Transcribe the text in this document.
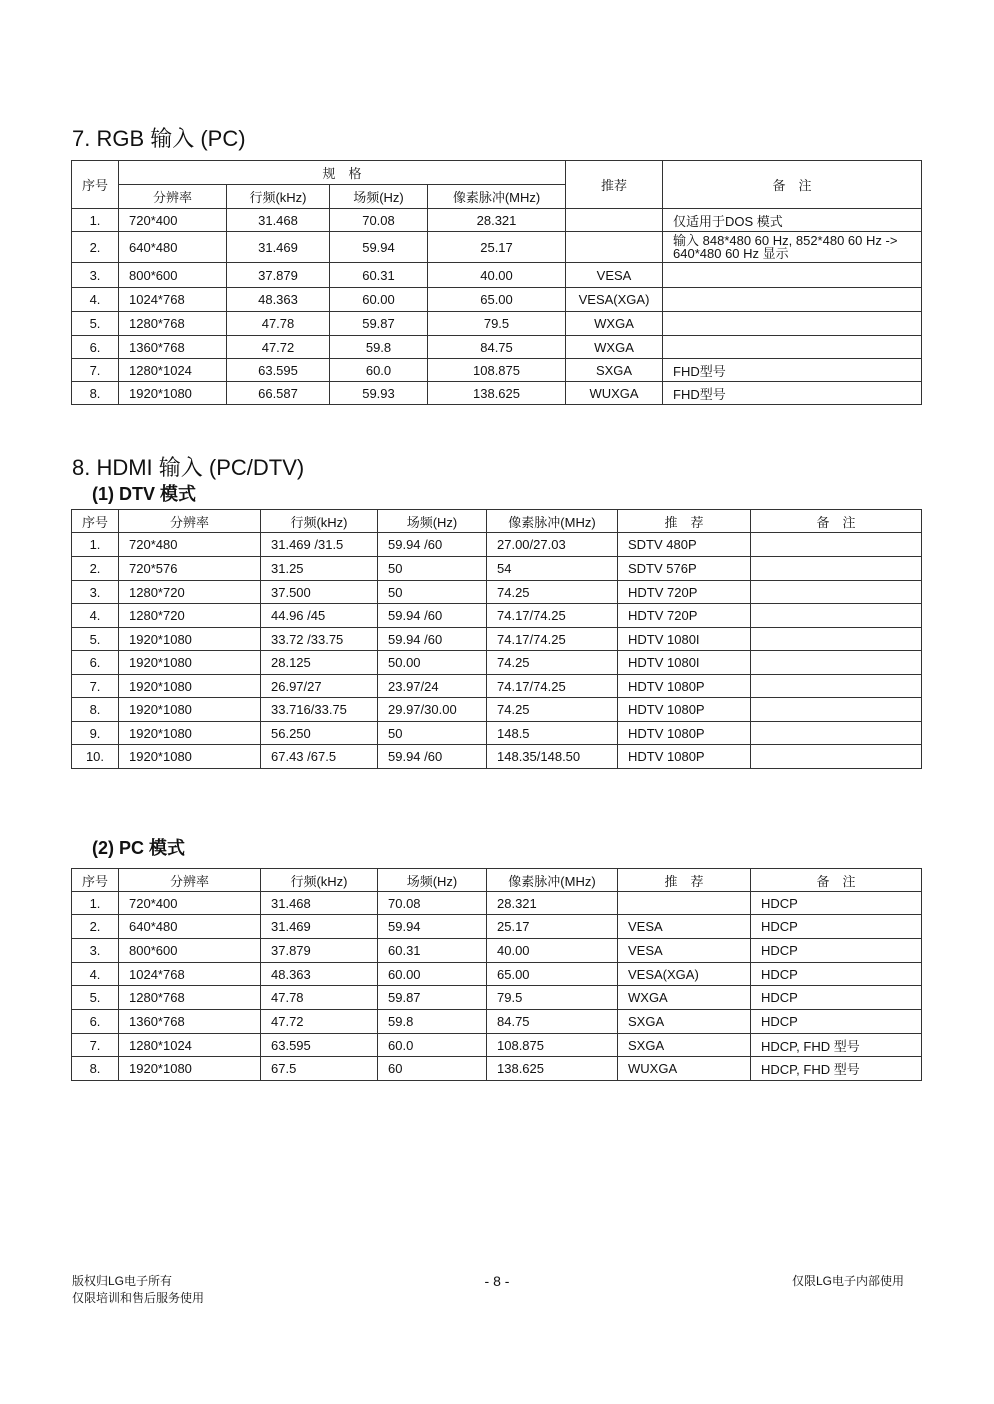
7. RGB 输入 (PC)
序号	规　格				推荐	备　注
	分辨率	行频(kHz)	场频(Hz)	像素脉冲(MHz)		
1.	720*400	31.468	70.08	28.321		仅适用于DOS 模式
2.	640*480	31.469	59.94	25.17		输入 848*480 60 Hz, 852*480 60 Hz -> 640*480 60 Hz 显示
3.	800*600	37.879	60.31	40.00	VESA	
4.	1024*768	48.363	60.00	65.00	VESA(XGA)	
5.	1280*768	47.78	59.87	79.5	WXGA	
6.	1360*768	47.72	59.8	84.75	WXGA	
7.	1280*1024	63.595	60.0	108.875	SXGA	FHD型号
8.	1920*1080	66.587	59.93	138.625	WUXGA	FHD型号
8. HDMI 输入 (PC/DTV)
(1) DTV 模式
序号	分辨率	行频(kHz)	场频(Hz)	像素脉冲(MHz)	推　荐	备　注
1.	720*480	31.469 /31.5	59.94 /60	27.00/27.03	SDTV 480P	
2.	720*576	31.25	50	54	SDTV 576P	
3.	1280*720	37.500	50	74.25	HDTV 720P	
4.	1280*720	44.96 /45	59.94 /60	74.17/74.25	HDTV 720P	
5.	1920*1080	33.72 /33.75	59.94 /60	74.17/74.25	HDTV 1080I	
6.	1920*1080	28.125	50.00	74.25	HDTV 1080I	
7.	1920*1080	26.97/27	23.97/24	74.17/74.25	HDTV 1080P	
8.	1920*1080	33.716/33.75	29.97/30.00	74.25	HDTV 1080P	
9.	1920*1080	56.250	50	148.5	HDTV 1080P	
10.	1920*1080	67.43 /67.5	59.94 /60	148.35/148.50	HDTV 1080P	
(2) PC 模式
序号	分辨率	行频(kHz)	场频(Hz)	像素脉冲(MHz)	推　荐	备　注
1.	720*400	31.468	70.08	28.321		HDCP
2.	640*480	31.469	59.94	25.17	VESA	HDCP
3.	800*600	37.879	60.31	40.00	VESA	HDCP
4.	1024*768	48.363	60.00	65.00	VESA(XGA)	HDCP
5.	1280*768	47.78	59.87	79.5	WXGA	HDCP
6.	1360*768	47.72	59.8	84.75	SXGA	HDCP
7.	1280*1024	63.595	60.0	108.875	SXGA	HDCP, FHD 型号
8.	1920*1080	67.5	60	138.625	WUXGA	HDCP, FHD 型号
版权归LG电子所有
仅限培训和售后服务使用
- 8 -	仅限LG电子内部使用
